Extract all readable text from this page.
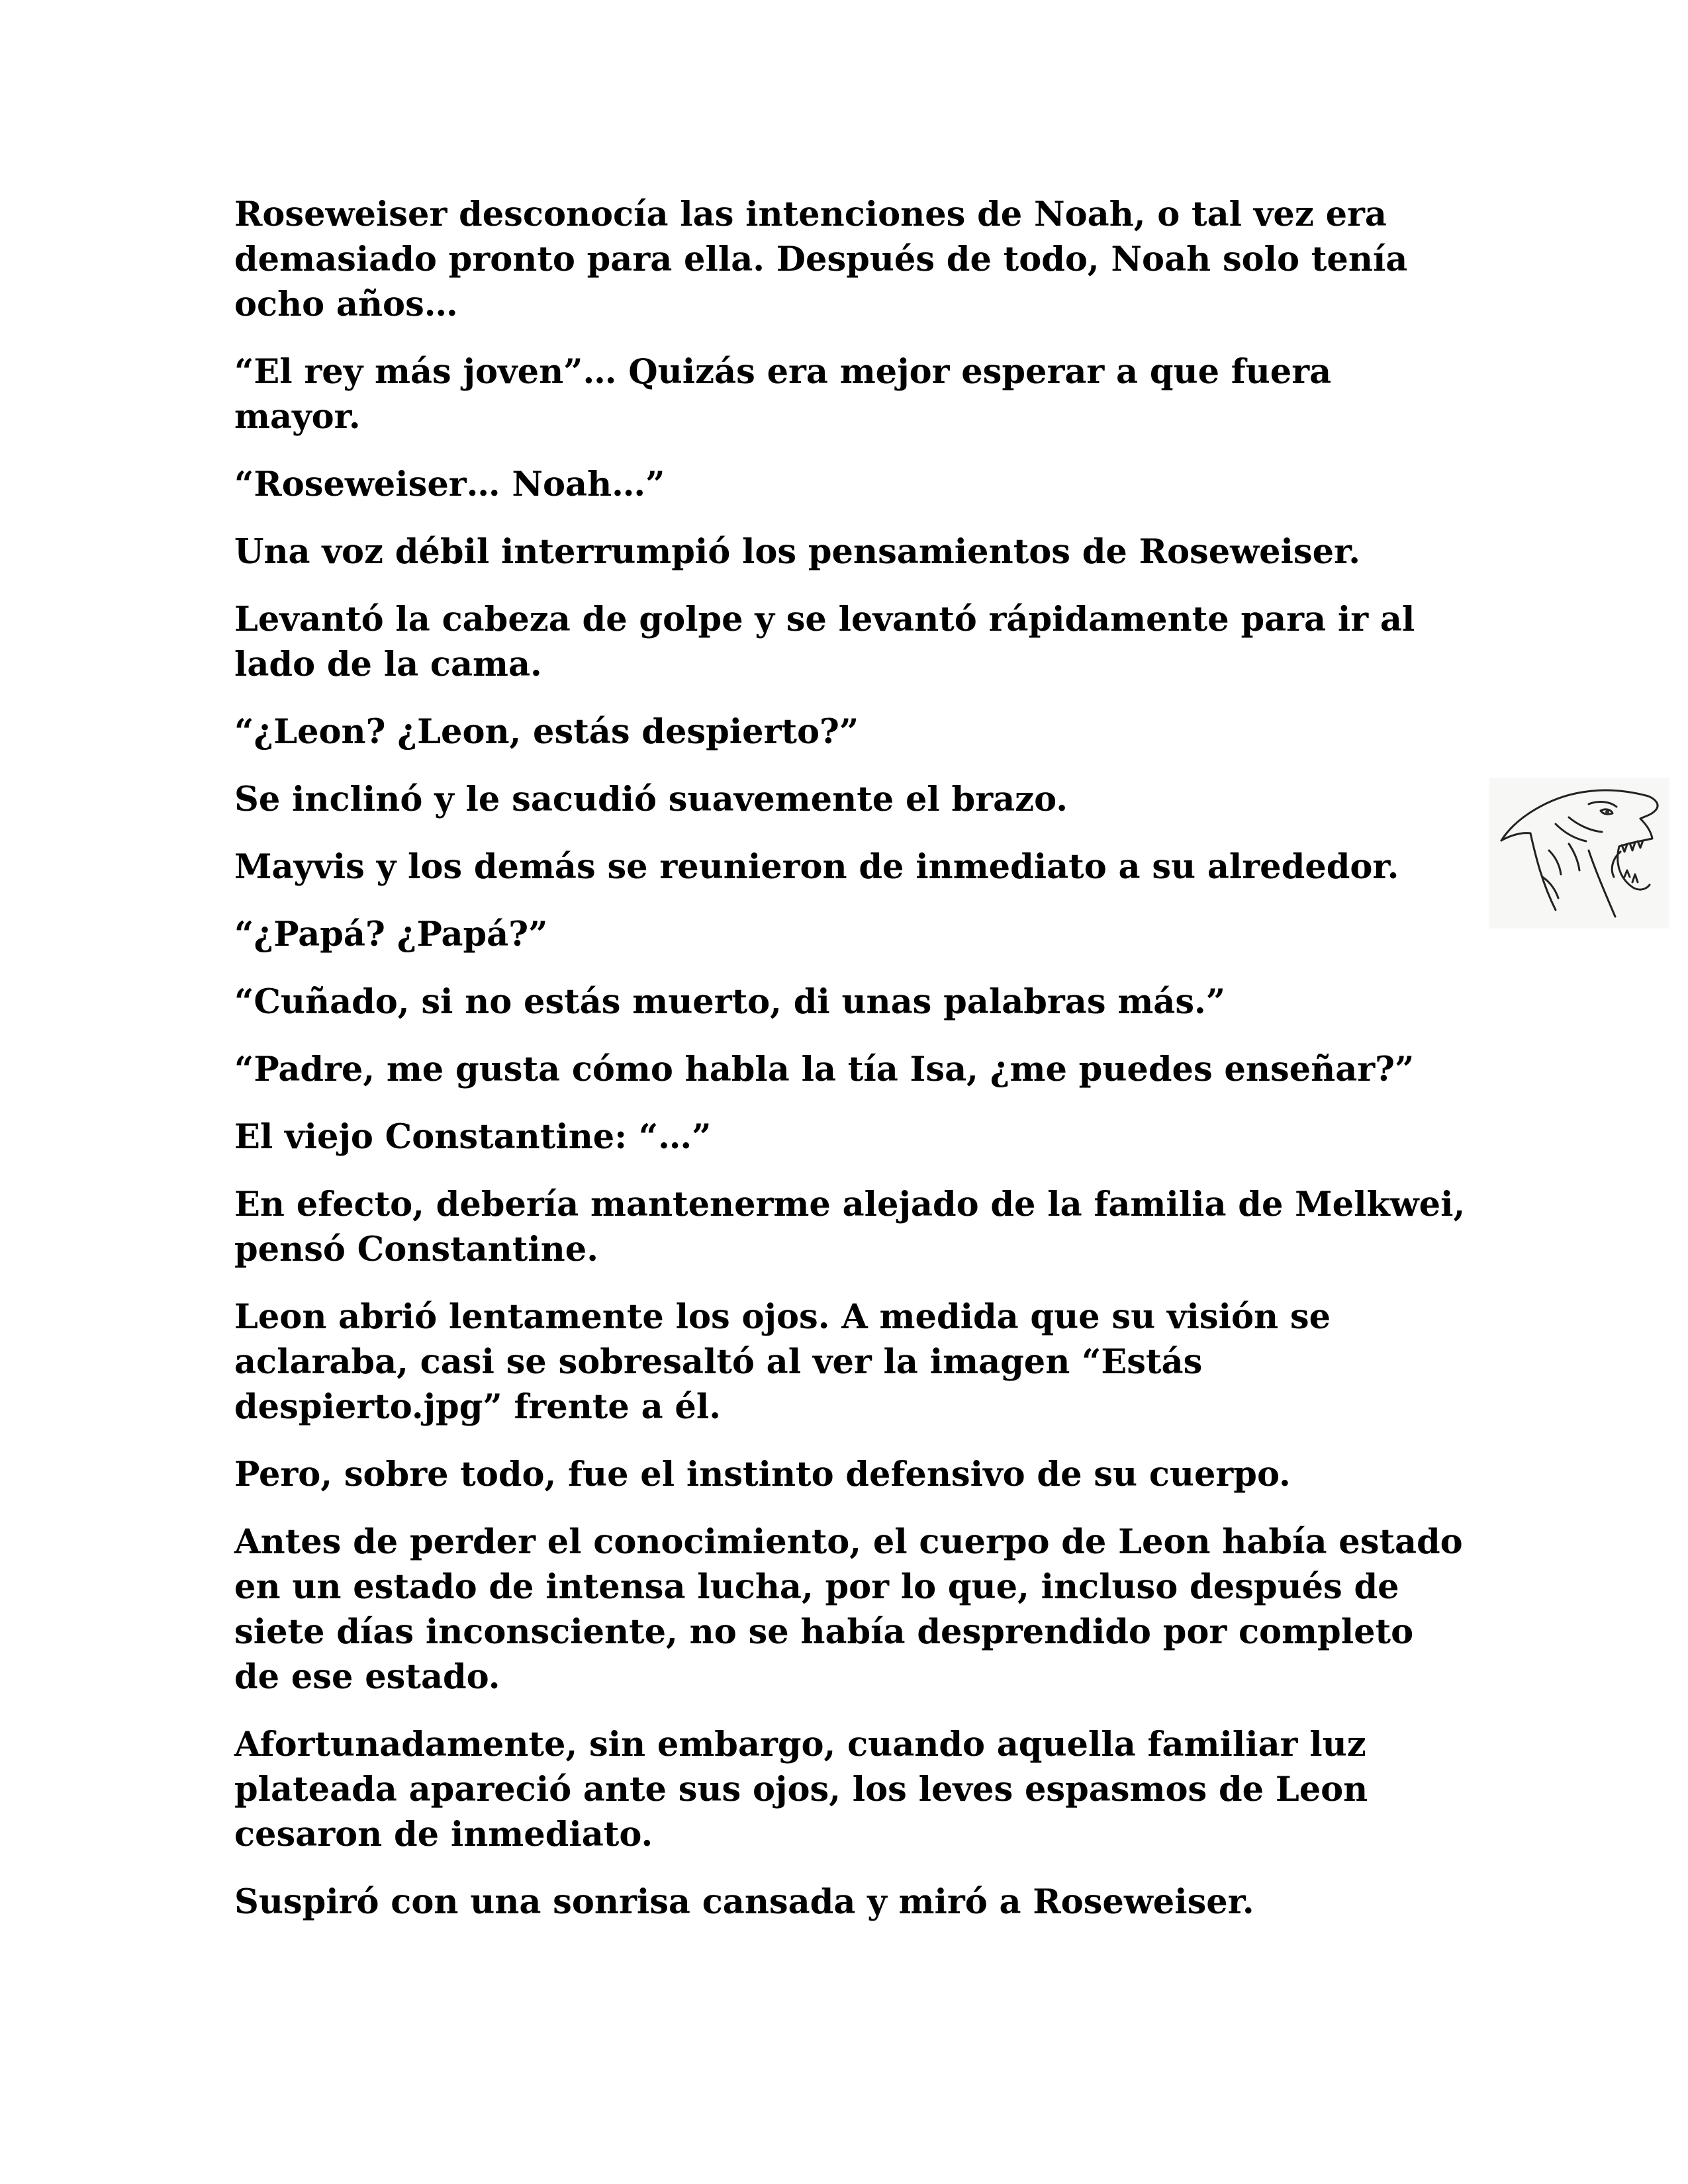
Roseweiser desconocía las intenciones de Noah, o tal vez era demasiado pronto para ella. Después de todo, Noah solo tenía ocho años…

“El rey más joven”… Quizás era mejor esperar a que fuera mayor.

“Roseweiser… Noah…”

Una voz débil interrumpió los pensamientos de Roseweiser.

Levantó la cabeza de golpe y se levantó rápidamente para ir al lado de la cama.

“¿Leon? ¿Leon, estás despierto?”

Se inclinó y le sacudió suavemente el brazo.

Mayvis y los demás se reunieron de inmediato a su alrededor.

“¿Papá? ¿Papá?”

“Cuñado, si no estás muerto, di unas palabras más.”

“Padre, me gusta cómo habla la tía Isa, ¿me puedes enseñar?”

El viejo Constantine: “…”

En efecto, debería mantenerme alejado de la familia de Melkwei, pensó Constantine.

Leon abrió lentamente los ojos. A medida que su visión se aclaraba, casi se sobresaltó al ver la imagen “Estás despierto.jpg” frente a él.

Pero, sobre todo, fue el instinto defensivo de su cuerpo.

Antes de perder el conocimiento, el cuerpo de Leon había estado en un estado de intensa lucha, por lo que, incluso después de siete días inconsciente, no se había desprendido por completo de ese estado.

Afortunadamente, sin embargo, cuando aquella familiar luz plateada apareció ante sus ojos, los leves espasmos de Leon cesaron de inmediato.

Suspiró con una sonrisa cansada y miró a Roseweiser.
